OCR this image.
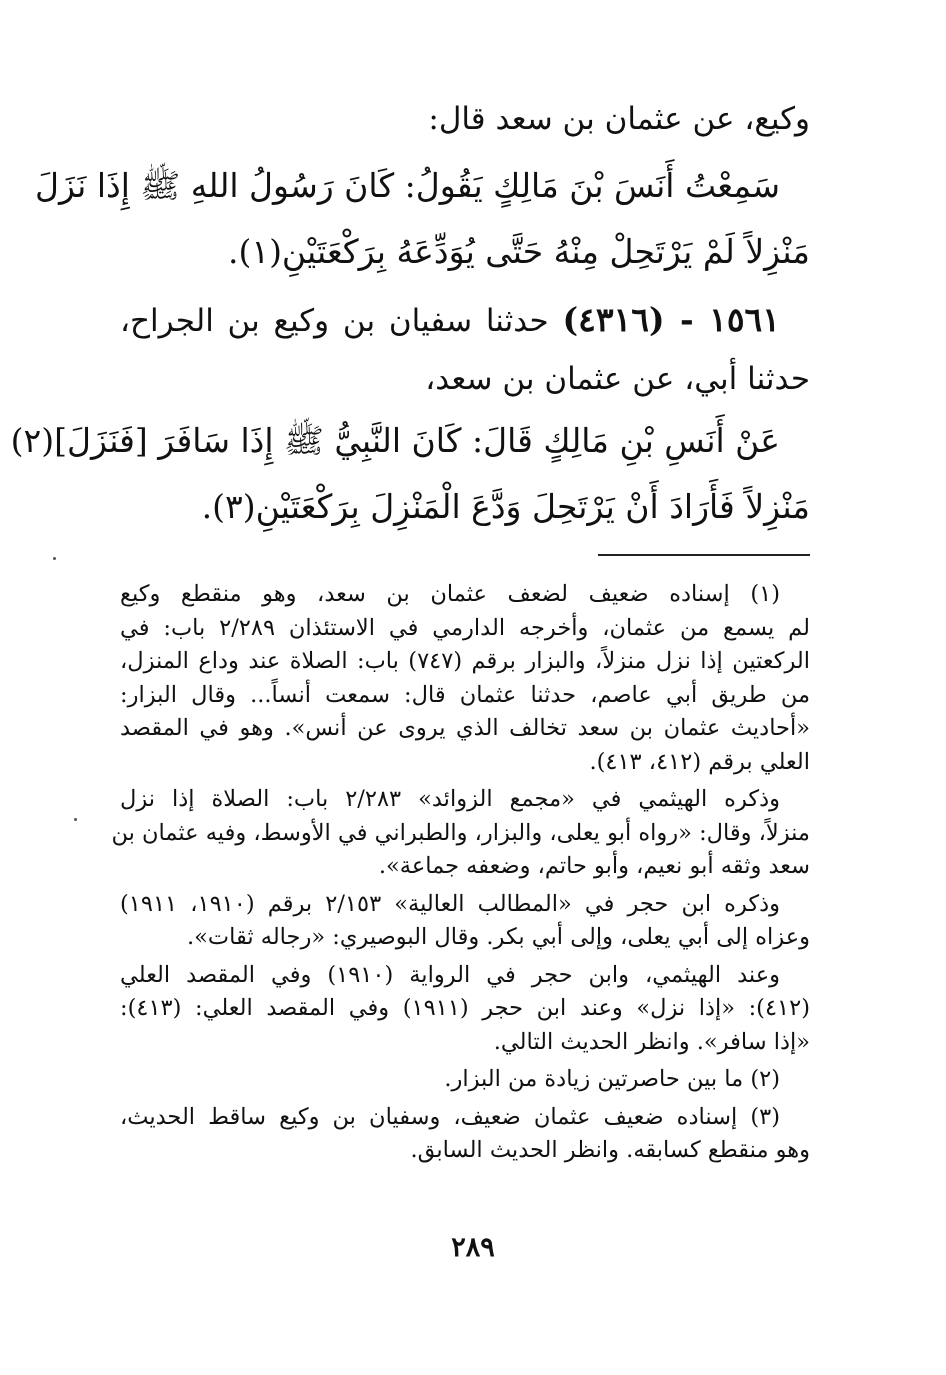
وكيع، عن عثمان بن سعد قال:
سَمِعْتُ أَنَسَ بْنَ مَالِكٍ يَقُولُ: كَانَ رَسُولُ اللهِ ﷺ إِذَا نَزَلَ
مَنْزِلاً لَمْ يَرْتَحِلْ مِنْهُ حَتَّى يُوَدِّعَهُ بِرَكْعَتَيْنِ(١).
١٥٦١ - (٤٣١٦) حدثنا سفيان بن وكيع بن الجراح،
حدثنا أبي، عن عثمان بن سعد،
عَنْ أَنَسِ بْنِ مَالِكٍ قَالَ: كَانَ النَّبِيُّ ﷺ إِذَا سَافَرَ [فَنَزَلَ](٢)
مَنْزِلاً فَأَرَادَ أَنْ يَرْتَحِلَ وَدَّعَ الْمَنْزِلَ بِرَكْعَتَيْنِ(٣).
(١) إسناده ضعيف لضعف عثمان بن سعد، وهو منقطع وكيع
لم يسمع من عثمان، وأخرجه الدارمي في الاستئذان ٢/٢٨٩ باب: في
الركعتين إذا نزل منزلاً، والبزار برقم (٧٤٧) باب: الصلاة عند وداع المنزل،
من طريق أبي عاصم، حدثنا عثمان قال: سمعت أنساً... وقال البزار:
«أحاديث عثمان بن سعد تخالف الذي يروى عن أنس». وهو في المقصد
العلي برقم (٤١٢، ٤١٣).
وذكره الهيثمي في «مجمع الزوائد» ٢/٢٨٣ باب: الصلاة إذا نزل
منزلاً، وقال: «رواه أبو يعلى، والبزار، والطبراني في الأوسط، وفيه عثمان بن
سعد وثقه أبو نعيم، وأبو حاتم، وضعفه جماعة».
وذكره ابن حجر في «المطالب العالية» ٢/١٥٣ برقم (١٩١٠، ١٩١١)
وعزاه إلى أبي يعلى، وإلى أبي بكر. وقال البوصيري: «رجاله ثقات».
وعند الهيثمي، وابن حجر في الرواية (١٩١٠) وفي المقصد العلي
(٤١٢): «إذا نزل» وعند ابن حجر (١٩١١) وفي المقصد العلي: (٤١٣):
«إذا سافر». وانظر الحديث التالي.
(٢) ما بين حاصرتين زيادة من البزار.
(٣) إسناده ضعيف عثمان ضعيف، وسفيان بن وكيع ساقط الحديث،
وهو منقطع كسابقه. وانظر الحديث السابق.
٢٨٩
